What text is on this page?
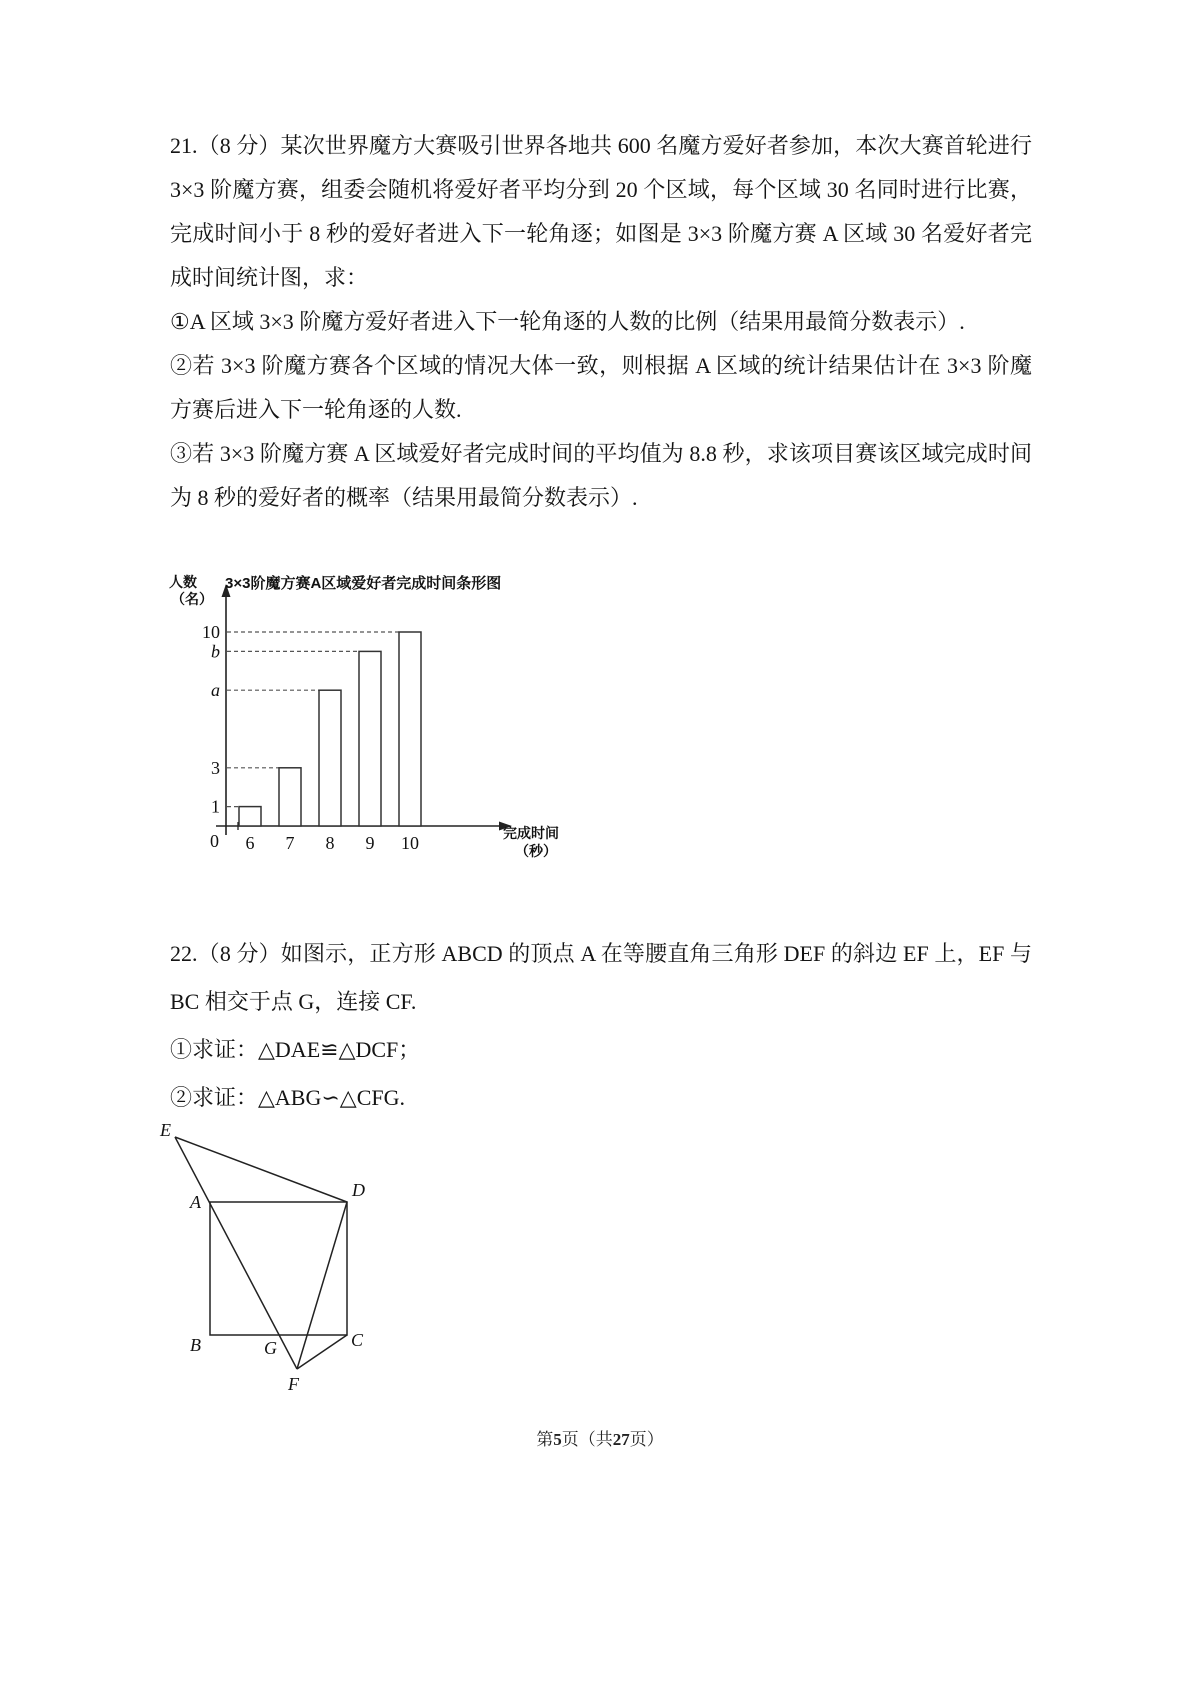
21.（8 分）某次世界魔方大赛吸引世界各地共 600 名魔方爱好者参加，本次大赛首轮进行 3×3 阶魔方赛，组委会随机将爱好者平均分到 20 个区域，每个区域 30 名同时进行比赛，完成时间小于 8 秒的爱好者进入下一轮角逐；如图是 3×3 阶魔方赛 A 区域 30 名爱好者完成时间统计图，求：

①A 区域 3×3 阶魔方爱好者进入下一轮角逐的人数的比例（结果用最简分数表示）.

②若 3×3 阶魔方赛各个区域的情况大体一致，则根据 A 区域的统计结果估计在 3×3 阶魔方赛后进入下一轮角逐的人数.

③若 3×3 阶魔方赛 A 区域爱好者完成时间的平均值为 8.8 秒，求该项目赛该区域完成时间为 8 秒的爱好者的概率（结果用最简分数表示）.

6 7 8 9 10
1
3
a
b
10
0
3×3阶魔方赛A区域爱好者完成时间条形图
人数
（名）
完成时间
（秒）

22.（8 分）如图示，正方形 ABCD 的顶点 A 在等腰直角三角形 DEF 的斜边 EF 上，EF 与 BC 相交于点 G，连接 CF.

①求证：△DAE≌△DCF；

②求证：△ABG∽△CFG.

E
A
D
B	G	C
F
第5页（共27页）
